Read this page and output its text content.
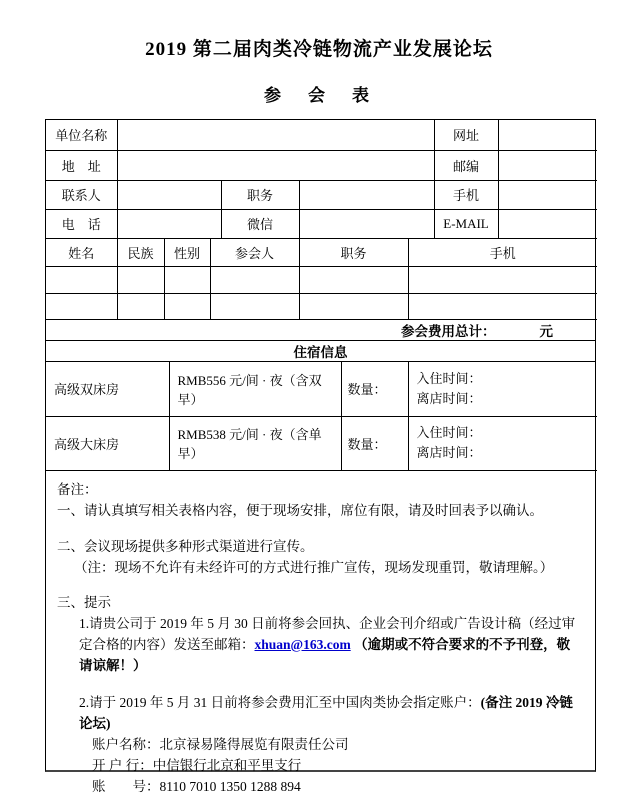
2019 第二届肉类冷链物流产业发展论坛
参　会　表
单位名称				网址	
地　址				邮编	
联系人		职务		手机	
电　话		微信		E-MAIL	
姓名	民族	性别	参会人	职务	手机

参会费用总计：	元
住宿信息
高级双床房	RMB556 元/间 · 夜（含双早）	数量：	入住时间：
离店时间：

高级大床房	RMB538 元/间 · 夜（含单早）	数量：	入住时间：
离店时间：
备注：
一、请认真填写相关表格内容，便于现场安排，席位有限，请及时回表予以确认。
二、会议现场提供多种形式渠道进行宣传。
（注：现场不允许有未经许可的方式进行推广宣传，现场发现重罚，敬请理解。）
三、提示
1.请贵公司于 2019 年 5 月 30 日前将参会回执、企业会刊介绍或广告设计稿（经过审定合格的内容）发送至邮箱：xhuan@163.com （逾期或不符合要求的不予刊登，敬请谅解！）
2.请于 2019 年 5 月 31 日前将参会费用汇至中国肉类协会指定账户：(备注 2019 冷链论坛)
账户名称：北京禄易隆得展览有限责任公司
开 户 行：中信银行北京和平里支行
账　　号：8110 7010 1350 1288 894
